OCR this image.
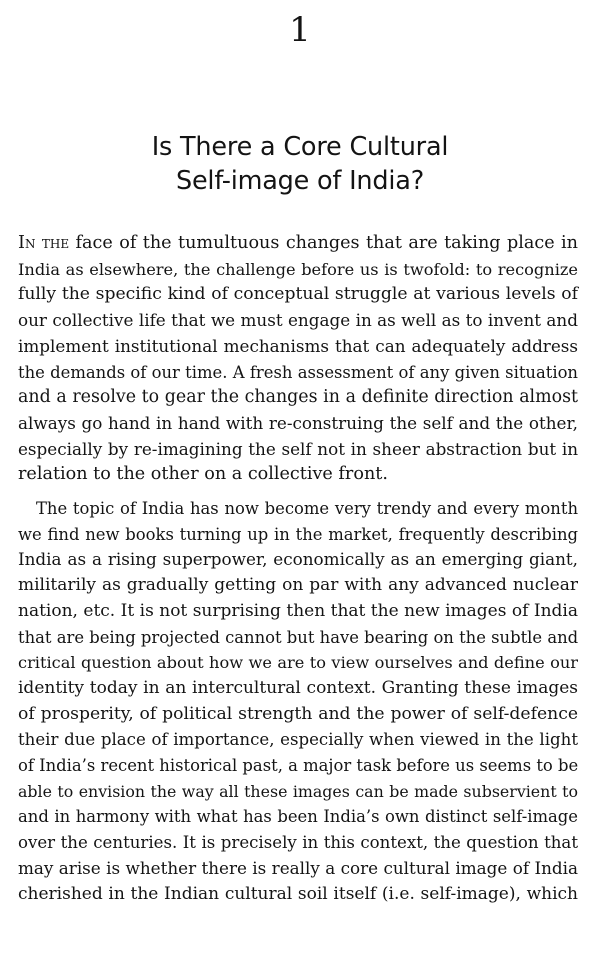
1
Is There a Core Cultural
Self-image of India?

In the face of the tumultuous changes that are taking place in
India as elsewhere, the challenge before us is twofold: to recognize
fully the specific kind of conceptual struggle at various levels of
our collective life that we must engage in as well as to invent and
implement institutional mechanisms that can adequately address
the demands of our time. A fresh assessment of any given situation
and a resolve to gear the changes in a definite direction almost
always go hand in hand with re-construing the self and the other,
especially by re-imagining the self not in sheer abstraction but in
relation to the other on a collective front.

The topic of India has now become very trendy and every month
we find new books turning up in the market, frequently describing
India as a rising superpower, economically as an emerging giant,
militarily as gradually getting on par with any advanced nuclear
nation, etc. It is not surprising then that the new images of India
that are being projected cannot but have bearing on the subtle and
critical question about how we are to view ourselves and define our
identity today in an intercultural context. Granting these images
of prosperity, of political strength and the power of self-defence
their due place of importance, especially when viewed in the light
of India’s recent historical past, a major task before us seems to be
able to envision the way all these images can be made subservient to
and in harmony with what has been India’s own distinct self-image
over the centuries. It is precisely in this context, the question that
may arise is whether there is really a core cultural image of India
cherished in the Indian cultural soil itself (i.e. self-image), which
